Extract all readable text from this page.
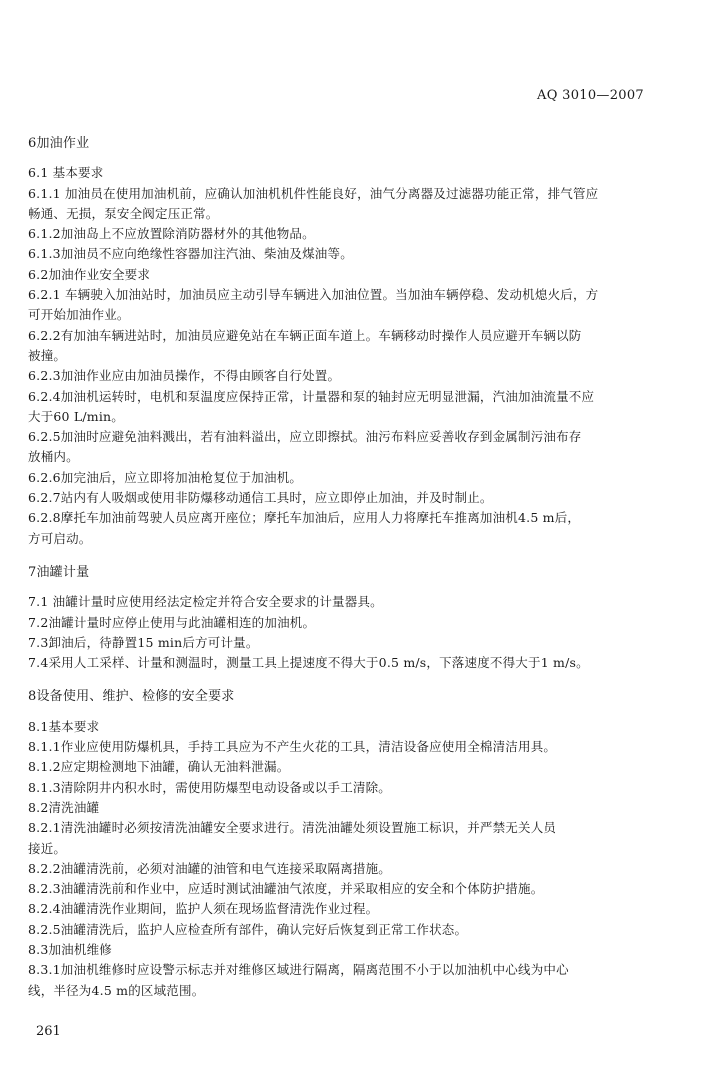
AQ 3010—2007
6加油作业
6.1 基本要求
6.1.1 加油员在使用加油机前，应确认加油机机件性能良好，油气分离器及过滤器功能正常，排气管应
畅通、无损，泵安全阀定压正常。
6.1.2加油岛上不应放置除消防器材外的其他物品。
6.1.3加油员不应向绝缘性容器加注汽油、柴油及煤油等。
6.2加油作业安全要求
6.2.1 车辆驶入加油站时，加油员应主动引导车辆进入加油位置。当加油车辆停稳、发动机熄火后，方
可开始加油作业。
6.2.2有加油车辆进站时，加油员应避免站在车辆正面车道上。车辆移动时操作人员应避开车辆以防
被撞。
6.2.3加油作业应由加油员操作，不得由顾客自行处置。
6.2.4加油机运转时，电机和泵温度应保持正常，计量器和泵的轴封应无明显泄漏，汽油加油流量不应
大于60 L/min。
6.2.5加油时应避免油料溅出，若有油料溢出，应立即擦拭。油污布料应妥善收存到金属制污油布存
放桶内。
6.2.6加完油后，应立即将加油枪复位于加油机。
6.2.7站内有人吸烟或使用非防爆移动通信工具时，应立即停止加油，并及时制止。
6.2.8摩托车加油前驾驶人员应离开座位；摩托车加油后，应用人力将摩托车推离加油机4.5 m后，
方可启动。
7油罐计量
7.1 油罐计量时应使用经法定检定并符合安全要求的计量器具。
7.2油罐计量时应停止使用与此油罐相连的加油机。
7.3卸油后，待静置15 min后方可计量。
7.4采用人工采样、计量和测温时，测量工具上提速度不得大于0.5 m/s，下落速度不得大于1 m/s。
8设备使用、维护、检修的安全要求
8.1基本要求
8.1.1作业应使用防爆机具，手持工具应为不产生火花的工具，清洁设备应使用全棉清洁用具。
8.1.2应定期检测地下油罐，确认无油料泄漏。
8.1.3清除阴井内积水时，需使用防爆型电动设备或以手工清除。
8.2清洗油罐
8.2.1清洗油罐时必须按清洗油罐安全要求进行。清洗油罐处须设置施工标识，并严禁无关人员
接近。
8.2.2油罐清洗前，必须对油罐的油管和电气连接采取隔离措施。
8.2.3油罐清洗前和作业中，应适时测试油罐油气浓度，并采取相应的安全和个体防护措施。
8.2.4油罐清洗作业期间，监护人须在现场监督清洗作业过程。
8.2.5油罐清洗后，监护人应检查所有部件，确认完好后恢复到正常工作状态。
8.3加油机维修
8.3.1加油机维修时应设警示标志并对维修区域进行隔离，隔离范围不小于以加油机中心线为中心
线，半径为4.5 m的区域范围。
261
